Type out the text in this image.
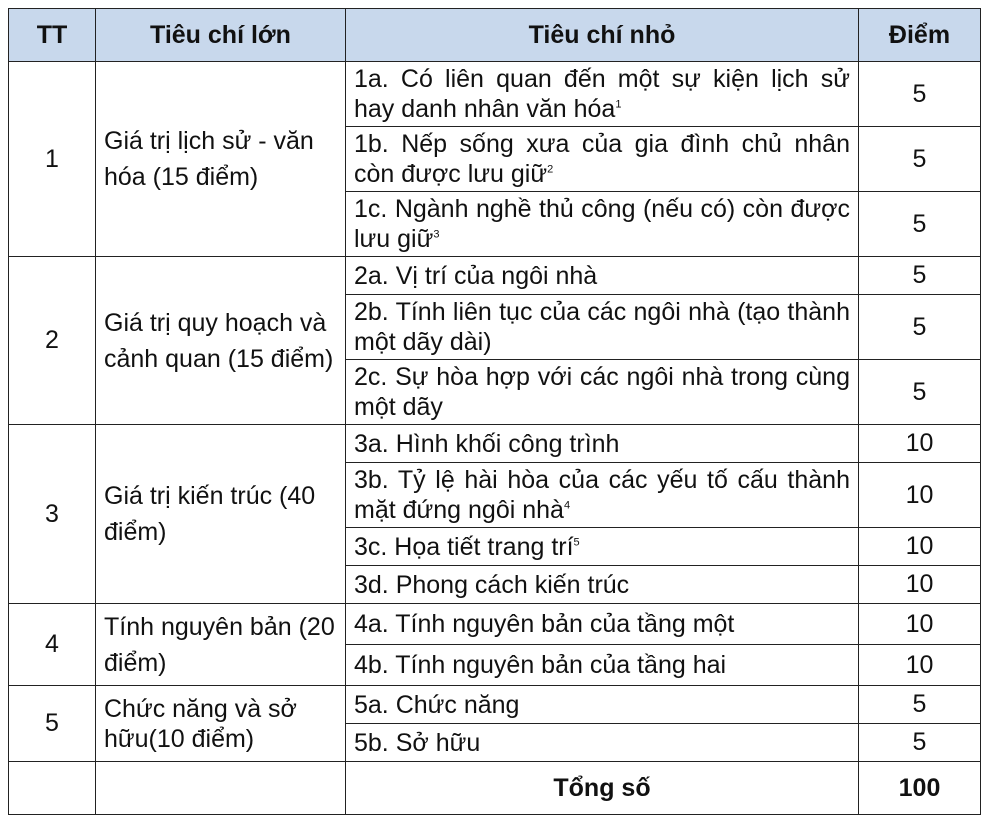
TT	Tiêu chí lớn	Tiêu chí nhỏ	Điểm
1	Giá trị lịch sử - văn hóa (15 điểm)	1a. Có liên quan đến một sự kiện lịch sử hay danh nhân văn hóa$^1$	5
		1b. Nếp sống xưa của gia đình chủ nhân còn được lưu giữ$^2$	5
		1c. Ngành nghề thủ công (nếu có) còn được lưu giữ$^3$	5
2	Giá trị quy hoạch và cảnh quan (15 điểm)	2a. Vị trí của ngôi nhà	5
		2b. Tính liên tục của các ngôi nhà (tạo thành một dãy dài)	5
		2c. Sự hòa hợp với các ngôi nhà trong cùng một dãy	5
3	Giá trị kiến trúc (40 điểm)	3a. Hình khối công trình	10
		3b. Tỷ lệ hài hòa của các yếu tố cấu thành mặt đứng ngôi nhà$^4$	10
		3c. Họa tiết trang trí$^5$	10
		3d. Phong cách kiến trúc	10
4	Tính nguyên bản (20 điểm)	4a. Tính nguyên bản của tầng một	10
		4b. Tính nguyên bản của tầng hai	10
5	Chức năng và sở hữu(10 điểm)	5a. Chức năng	5
		5b. Sở hữu	5
		Tổng số	100
